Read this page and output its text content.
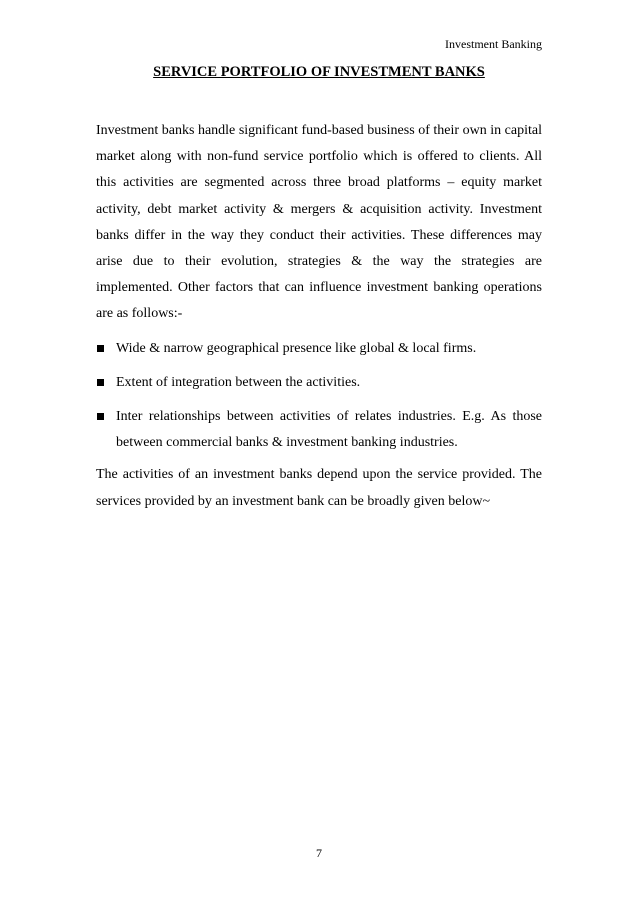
Investment Banking
SERVICE PORTFOLIO OF INVESTMENT BANKS

Investment banks handle significant fund-based business of their own in capital market along with non-fund service portfolio which is offered to clients. All this activities are segmented across three broad platforms – equity market activity, debt market activity & mergers & acquisition activity. Investment banks differ in the way they conduct their activities. These differences may arise due to their evolution, strategies & the way the strategies are implemented. Other factors that can influence investment banking operations are as follows:-

Wide & narrow geographical presence like global & local firms.
Extent of integration between the activities.
Inter relationships between activities of relates industries. E.g. As those between commercial banks & investment banking industries.

The activities of an investment banks depend upon the service provided. The services provided by an investment bank can be broadly given below~

7
